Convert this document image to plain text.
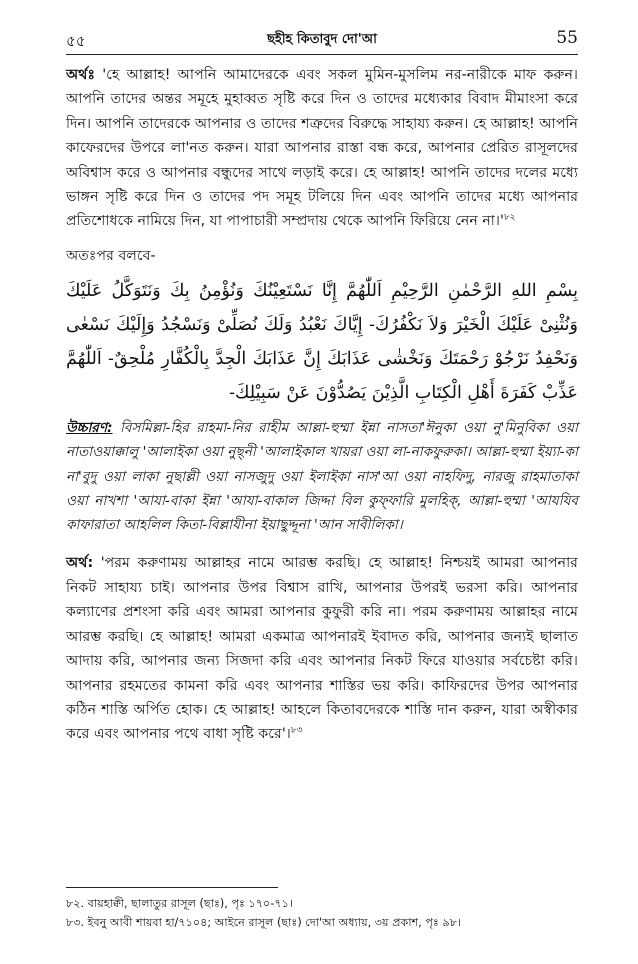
৫৫	ছহীহ কিতাবুদ দো'আ	55

অর্থঃ 'হে আল্লাহ! আপনি আমাদেরকে এবং সকল মুমিন-মুসলিম নর-নারীকে মাফ করুন। আপনি তাদের অন্তর সমূহে মুহাব্বত সৃষ্টি করে দিন ও তাদের মধ্যেকার বিবাদ মীমাংসা করে দিন। আপনি তাদেরকে আপনার ও তাদের শত্রুদের বিরুদ্ধে সাহায্য করুন। হে আল্লাহ! আপনি কাফেরদের উপরে লা'নত করুন। যারা আপনার রাস্তা বন্ধ করে, আপনার প্রেরিত রাসূলদের অবিশ্বাস করে ও আপনার বন্ধুদের সাথে লড়াই করে। হে আল্লাহ! আপনি তাদের দলের মধ্যে ভাঙ্গন সৃষ্টি করে দিন ও তাদের পদ সমূহ টলিয়ে দিন এবং আপনি তাদের মধ্যে আপনার প্রতিশোধকে নামিয়ে দিন, যা পাপাচারী সম্প্রদায় থেকে আপনি ফিরিয়ে নেন $না।'^{৮২}$

অতঃপর বলবে-
بِسْمِ اللهِ الرَّحْمٰنِ الرَّحِيْمِ اَللّٰهُمَّ إِنَّا نَسْتَعِيْنُكَ وَنُؤْمِنُ بِكَ وَنَتَوَكَّلُ عَلَيْكَ وَنُثْنِىْ عَلَيْكَ الْخَيْرَ وَلاَ نَكْفُرُكَ- إِيَّاكَ نَعْبُدُ وَلَكَ نُصَلِّىْ وَنَسْجُدُ وَإِلَيْكَ نَسْعٰى وَنَحْفِدُ نَرْجُوْ رَحْمَتَكَ وَنَخْشٰى عَذَابَكَ إِنَّ عَذَابَكَ الْجِدَّ بِالْكُفَّارِ مُلْحِقٌ- اَللّٰهُمَّ عَذِّبْ كَفَرَةَ أَهْلِ الْكِتَابِ الَّذِيْنَ يَصُدُّوْنَ عَنْ سَبِيْلِكَ-

উচ্চারণ: বিসমিল্লা-হির রাহমা-নির রাহীম আল্লা-হুম্মা ইন্না নাসতা'ঈনুকা ওয়া নু'মিনুবিকা ওয়া নাতাওয়াক্কালু 'আলাইকা ওয়া নুছ্নী 'আলাইকাল খায়রা ওয়া লা-নাকফুরুকা। আল্লা-হুম্মা ইয়্যা-কা না'বুদু ওয়া লাকা নুছাল্লী ওয়া নাসজুদু ওয়া ইলাইকা নাস'আ ওয়া নাহফিদু, নারজু রাহমাতাকা ওয়া নাখশা 'আযা-বাকা ইন্না 'আযা-বাকাল জিদ্দা বিল কুফ্ফারি মুলহিক্, আল্লা-হুম্মা 'আযযিব কাফারাতা আহলিল কিতা-বিল্লাযীনা ইয়াছুদ্দূনা 'আন সাবীলিকা।

অর্থ: 'পরম করুণাময় আল্লাহর নামে আরম্ভ করছি। হে আল্লাহ! নিশ্চয়ই আমরা আপনার নিকট সাহায্য চাই। আপনার উপর বিশ্বাস রাখি, আপনার উপরই ভরসা করি। আপনার কল্যাণের প্রশংসা করি এবং আমরা আপনার কুফুরী করি না। পরম করুণাময় আল্লাহর নামে আরম্ভ করছি। হে আল্লাহ! আমরা একমাত্র আপনারই ইবাদত করি, আপনার জন্যই ছালাত আদায় করি, আপনার জন্য সিজদা করি এবং আপনার নিকট ফিরে যাওয়ার সর্বচেষ্টা করি। আপনার রহমতের কামনা করি এবং আপনার শাস্তির ভয় করি। কাফিরদের উপর আপনার কঠিন শাস্তি অর্পিত হোক। হে আল্লাহ! আহলে কিতাবদেরকে শাস্তি দান করুন, যারা অস্বীকার করে এবং আপনার পথে বাধা সৃষ্টি করে'।$^{৮৩}$

৮২. বায়হাক্বী, ছালাতুর রাসূল (ছাঃ), পৃঃ ১৭০-৭১।
৮৩. ইবনু আবী শায়বা হা/৭১০৪; আইনে রাসূল (ছাঃ) দো'আ অধ্যায়, ৩য় প্রকাশ, পৃঃ ৯৮।
